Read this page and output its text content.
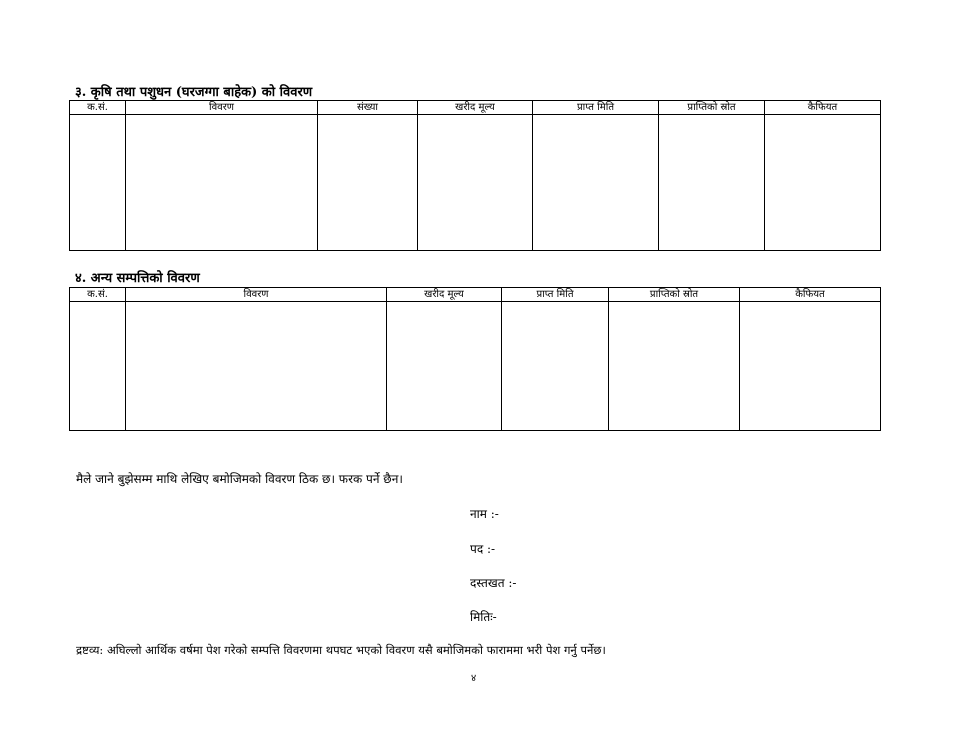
३. कृषि तथा पशुधन (घरजग्गा बाहेक) को विवरण
क.सं.	विवरण	संख्या	खरीद मूल्य	प्राप्त मिति	प्राप्तिको स्रोत	कैफियत

४. अन्य सम्पत्तिको विवरण
क.सं.	विवरण	खरीद मूल्य	प्राप्त मिति	प्राप्तिको स्रोत	कैफियत

मैले जाने बुझेसम्म माथि लेखिए बमोजिमको विवरण ठिक छ। फरक पर्ने छैन।
नाम :-
पद :-
दस्तखत :-
मितिः-
द्रष्टव्य: अघिल्लो आर्थिक वर्षमा पेश गरेको सम्पत्ति विवरणमा थपघट भएको विवरण यसै बमोजिमको फाराममा भरी पेश गर्नु पर्नेछ।
४
